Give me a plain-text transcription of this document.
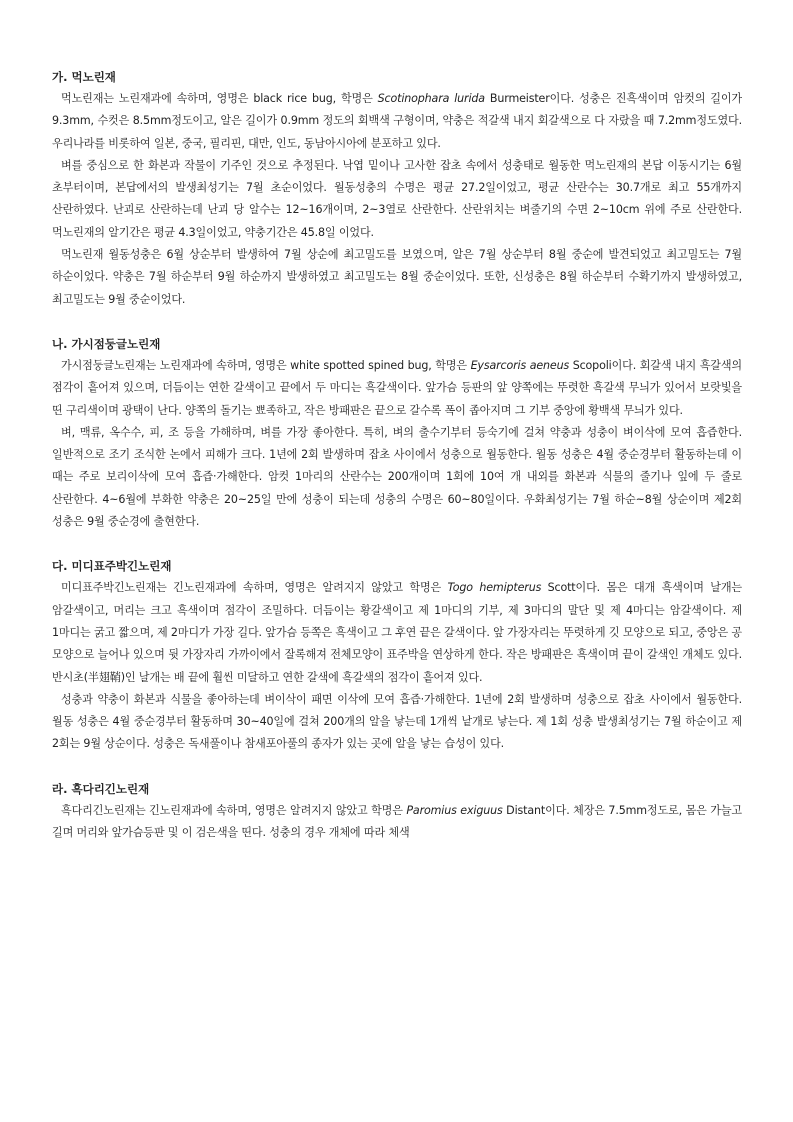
가. 먹노린재

먹노린재는 노린재과에 속하며, 영명은 black rice bug, 학명은 Scotinophara lurida Burmeister이다. 성충은 진흑색이며 암컷의 길이가 9.3mm, 수컷은 8.5mm정도이고, 알은 길이가 0.9mm 정도의 회백색 구형이며, 약충은 적갈색 내지 회갈색으로 다 자랐을 때 7.2mm정도였다. 우리나라를 비롯하여 일본, 중국, 필리핀, 대만, 인도, 동남아시아에 분포하고 있다.

벼를 중심으로 한 화본과 작물이 기주인 것으로 추정된다. 낙엽 밑이나 고사한 잡초 속에서 성충태로 월동한 먹노린재의 본답 이동시기는 6월 초부터이며, 본답에서의 발생최성기는 7월 초순이었다. 월동성충의 수명은 평균 27.2일이었고, 평균 산란수는 30.7개로 최고 55개까지 산란하였다. 난괴로 산란하는데 난괴 당 알수는 12~16개이며, 2~3열로 산란한다. 산란위치는 벼줄기의 수면 2~10cm 위에 주로 산란한다. 먹노린재의 알기간은 평균 4.3일이었고, 약충기간은 45.8일 이었다.

먹노린재 월동성충은 6월 상순부터 발생하여 7월 상순에 최고밀도를 보였으며, 알은 7월 상순부터 8월 중순에 발견되었고 최고밀도는 7월 하순이었다. 약충은 7월 하순부터 9월 하순까지 발생하였고 최고밀도는 8월 중순이었다. 또한, 신성충은 8월 하순부터 수확기까지 발생하였고, 최고밀도는 9월 중순이었다.

나. 가시점둥글노린재

가시점둥글노린재는 노린재과에 속하며, 영명은 white spotted spined bug, 학명은 Eysarcoris aeneus Scopoli이다. 회갈색 내지 흑갈색의 점각이 흩어져 있으며, 더듬이는 연한 갈색이고 끝에서 두 마디는 흑갈색이다. 앞가슴 등판의 앞 양쪽에는 뚜렷한 흑갈색 무늬가 있어서 보랏빛을 띤 구리색이며 광택이 난다. 양쪽의 돌기는 뾰족하고, 작은 방패판은 끝으로 갈수록 폭이 좁아지며 그 기부 중앙에 황백색 무늬가 있다.

벼, 맥류, 옥수수, 피, 조 등을 가해하며, 벼를 가장 좋아한다. 특히, 벼의 출수기부터 등숙기에 걸쳐 약충과 성충이 벼이삭에 모여 흡즙한다. 일반적으로 조기 조식한 논에서 피해가 크다. 1년에 2회 발생하며 잡초 사이에서 성충으로 월동한다. 월동 성충은 4월 중순경부터 활동하는데 이 때는 주로 보리이삭에 모여 흡즙·가해한다. 암컷 1마리의 산란수는 200개이며 1회에 10여 개 내외를 화본과 식물의 줄기나 잎에 두 줄로 산란한다. 4~6월에 부화한 약충은 20~25일 만에 성충이 되는데 성충의 수명은 60~80일이다. 우화최성기는 7월 하순~8월 상순이며 제2회 성충은 9월 중순경에 출현한다.

다. 미디표주박긴노린재

미디표주박긴노린재는 긴노린재과에 속하며, 영명은 알려지지 않았고 학명은 Togo hemipterus Scott이다. 몸은 대개 흑색이며 날개는 암갈색이고, 머리는 크고 흑색이며 점각이 조밀하다. 더듬이는 황갈색이고 제 1마디의 기부, 제 3마디의 말단 및 제 4마디는 암갈색이다. 제 1마디는 굵고 짧으며, 제 2마디가 가장 길다. 앞가슴 등쪽은 흑색이고 그 후연 끝은 갈색이다. 앞 가장자리는 뚜렷하게 깃 모양으로 되고, 중앙은 공 모양으로 늘어나 있으며 뒷 가장자리 가까이에서 잘록해져 전체모양이 표주박을 연상하게 한다. 작은 방패판은 흑색이며 끝이 갈색인 개체도 있다. 반시초(半翅鞘)인 날개는 배 끝에 훨씬 미달하고 연한 갈색에 흑갈색의 점각이 흩어져 있다.

성충과 약충이 화본과 식물을 좋아하는데 벼이삭이 패면 이삭에 모여 흡즙·가해한다. 1년에 2회 발생하며 성충으로 잡초 사이에서 월동한다. 월동 성충은 4월 중순경부터 활동하며 30~40일에 걸쳐 200개의 알을 낳는데 1개씩 낱개로 낳는다. 제 1회 성충 발생최성기는 7월 하순이고 제 2회는 9월 상순이다. 성충은 독새풀이나 참새포아풀의 종자가 있는 곳에 알을 낳는 습성이 있다.

라. 흑다리긴노린재

흑다리긴노린재는 긴노린재과에 속하며, 영명은 알려지지 않았고 학명은 Paromius exiguus Distant이다. 체장은 7.5mm정도로, 몸은 가늘고 길며 머리와 앞가슴등판 및 이 검은색을 띤다. 성충의 경우 개체에 따라 체색
